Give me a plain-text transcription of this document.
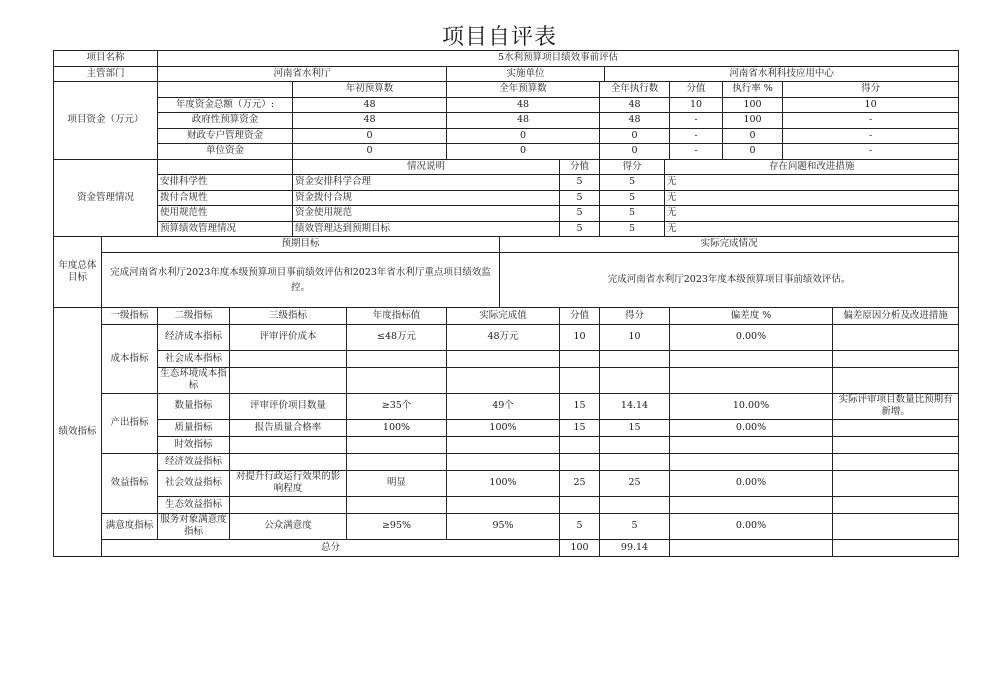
项目自评表
项目名称		5水利预算项目绩效事前评估													
主管部门		河南省水利厅				实施单位				河南省水利科技应用中心					
项目资金（万元）				年初预算数		全年预算数			全年执行数			分值	执行率 %	得分	
		年度资金总额（万元）:		48		48			48			10	100	10	
		政府性预算资金		48		48			48			-	100	-	
		财政专户管理资金		0		0			0			-	0	-	
		单位资金		0		0			0			-	0	-	
资金管理情况				情况说明				分值	得分		存在问题和改进措施				
		安排科学性		资金安排科学合理				5	5		无				
		拨付合规性		资金拨付合规				5	5		无				
		使用规范性		资金使用规范				5	5		无				
		预算绩效管理情况		绩效管理达到预期目标				5	5		无				
年度总体目标	预期目标						实际完成情况								
	完成河南省水利厅2023年度本级预算项目事前绩效评估和2023年省水利厅重点项目绩效监控。						完成河南省水利厅2023年度本级预算项目事前绩效评估。								
绩效指标	一级指标	二级指标	三级指标		年度指标值	实际完成值		分值	得分			偏差度 %			偏差原因分析及改进措施
	成本指标	经济成本指标	评审评价成本		≤48万元	48万元		10	10			0.00%			
		社会成本指标													
		生态环境成本指标													
	产出指标	数量指标	评审评价项目数量		≥35个	49个		15	14.14			10.00%			实际评审项目数量比预期有新增。
		质量指标	报告质量合格率		100%	100%		15	15			0.00%			
		时效指标													
	效益指标	经济效益指标													
		社会效益指标	对提升行政运行效果的影响程度		明显	100%		25	25			0.00%			
		生态效益指标													
	满意度指标	服务对象满意度指标	公众满意度		≥95%	95%		5	5			0.00%			
	总分							100	99.14						
